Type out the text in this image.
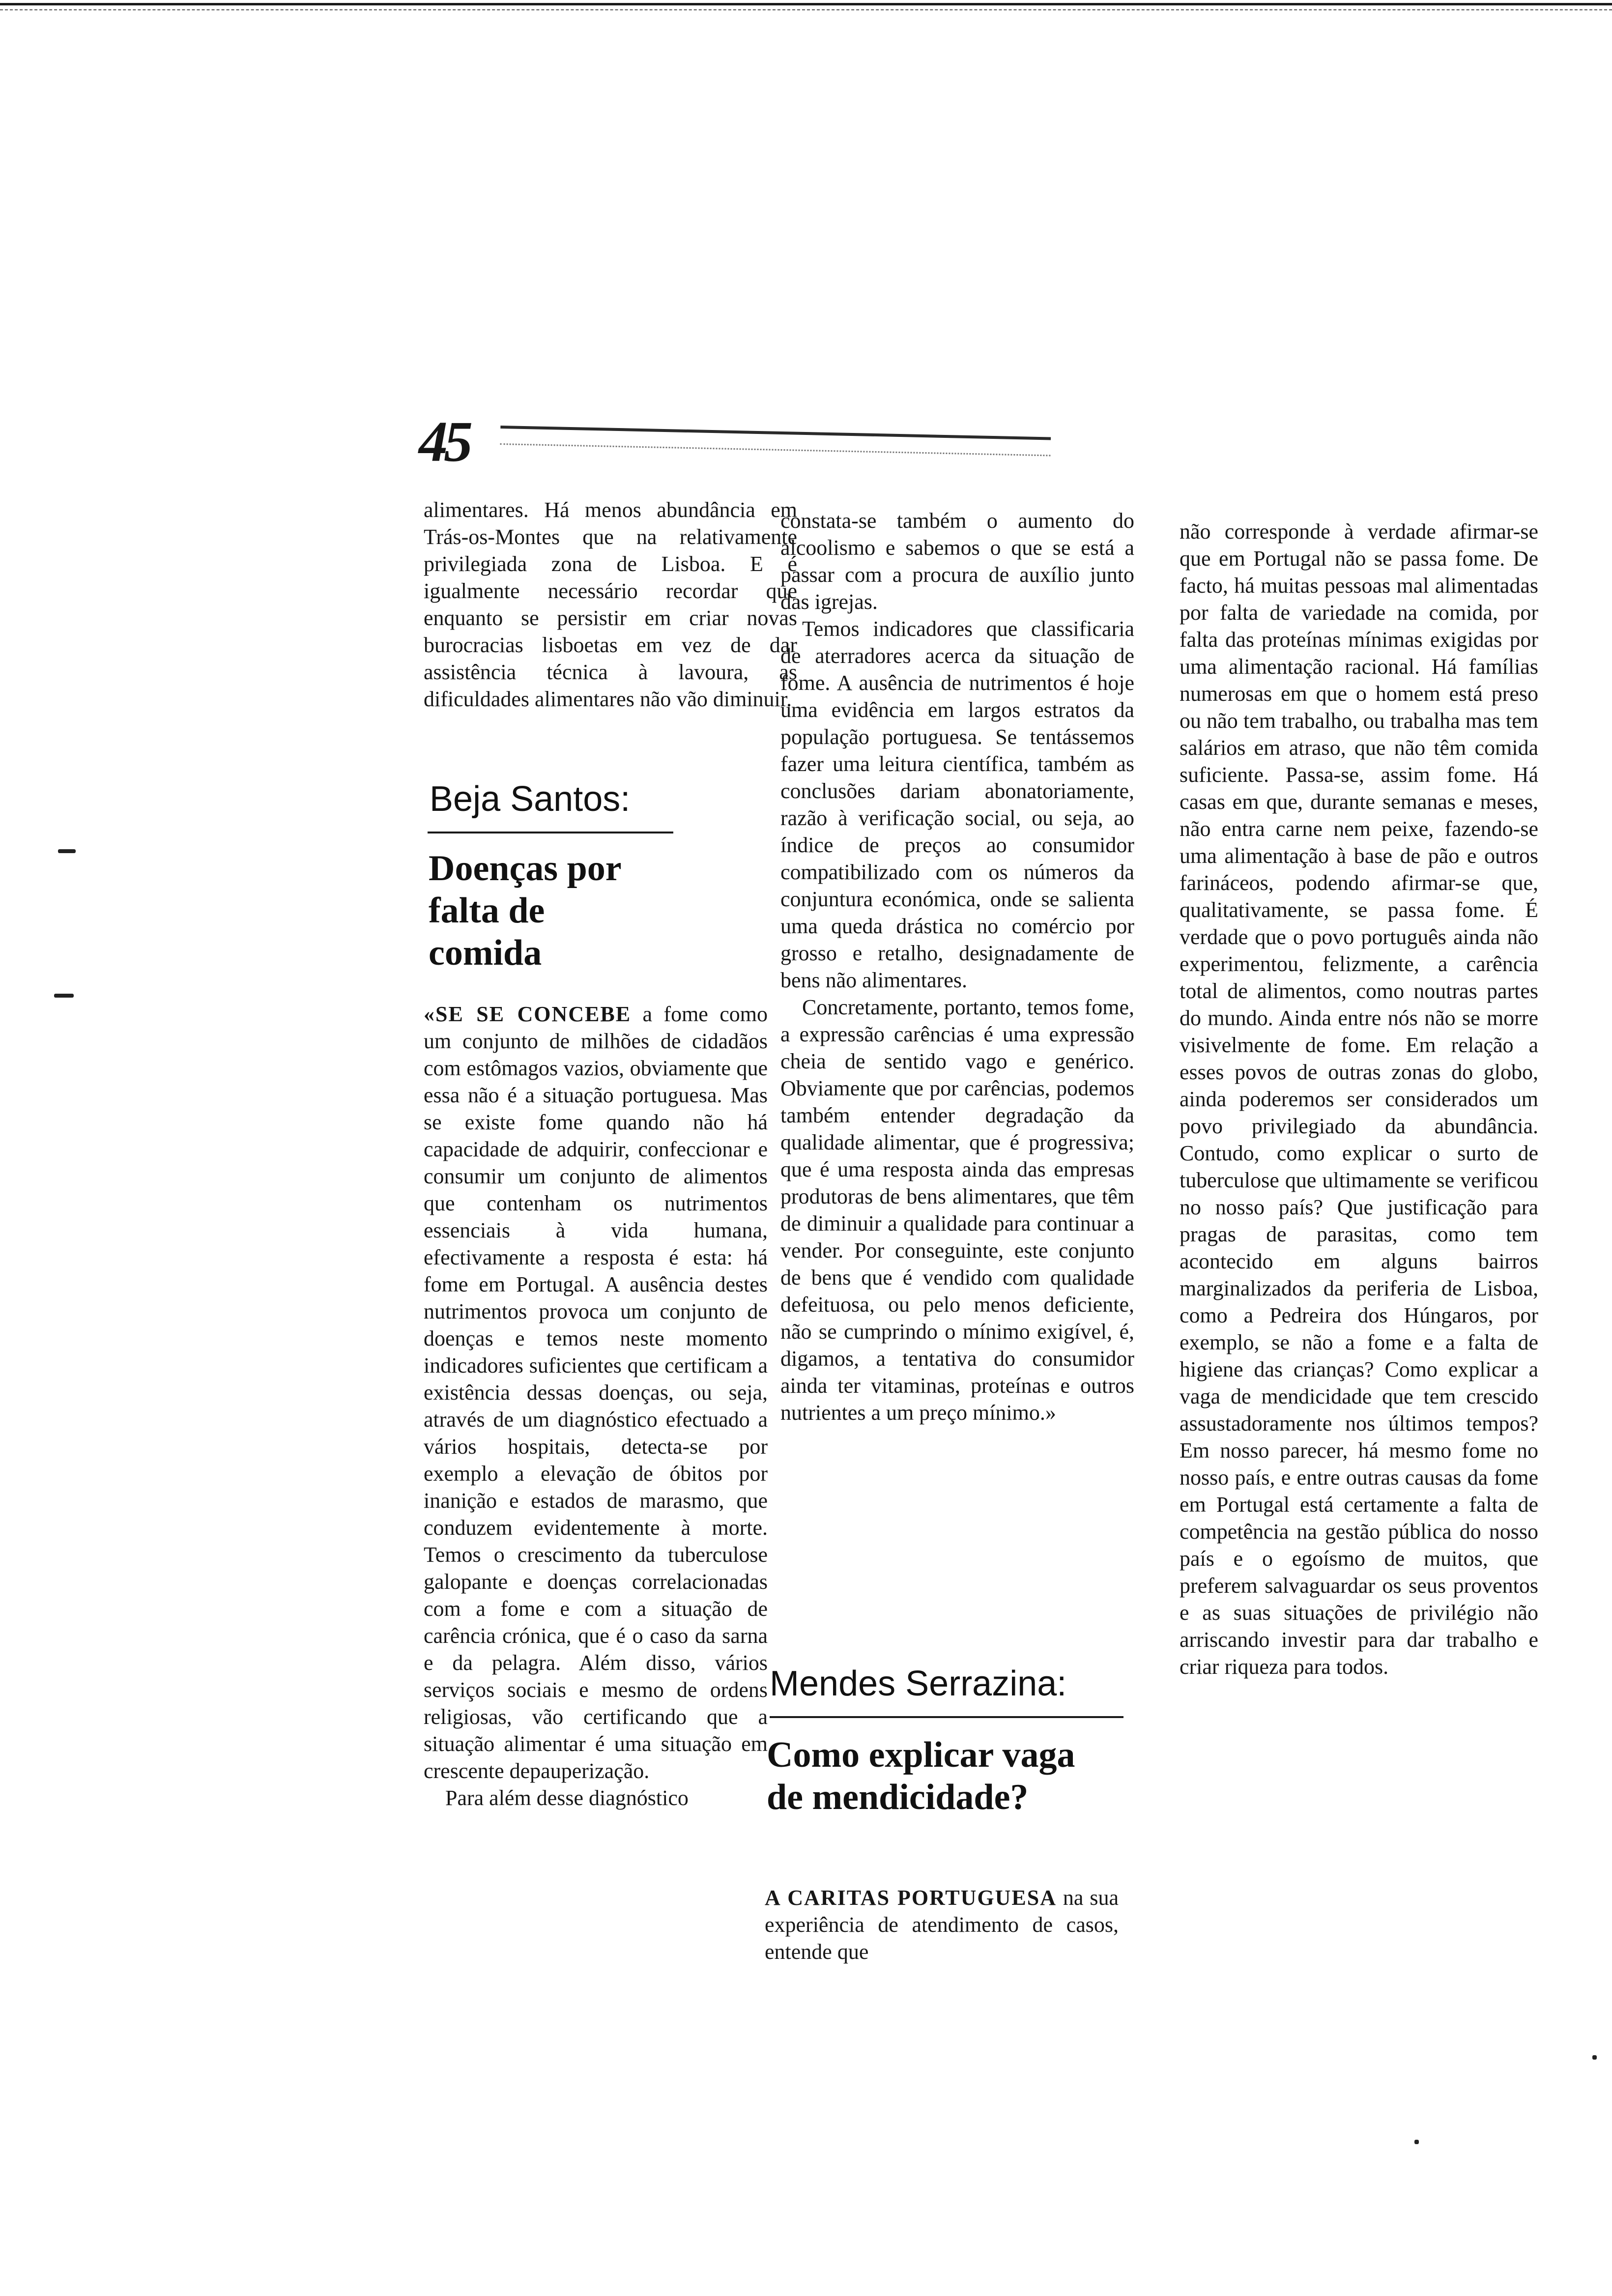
45

alimentares. Há menos abundância em Trás-os-Montes que na relativamente privilegiada zona de Lisboa. E é igualmente necessário recordar que enquanto se persistir em criar novas burocracias lisboetas em vez de dar assistência técnica à lavoura, as dificuldades alimentares não vão diminuir.

Beja Santos:
Doenças por falta de comida

«SE SE CONCEBE a fome como um conjunto de milhões de cidadãos com estômagos vazios, obviamente que essa não é a situação portuguesa. Mas se existe fome quando não há capacidade de adquirir, confeccionar e consumir um conjunto de alimentos que contenham os nutrimentos essenciais à vida humana, efectivamente a resposta é esta: há fome em Portugal. A ausência destes nutrimentos provoca um conjunto de doenças e temos neste momento indicadores suficientes que certificam a existência dessas doenças, ou seja, através de um diagnóstico efectuado a vários hospitais, detecta-se por exemplo a elevação de óbitos por inanição e estados de marasmo, que conduzem evidentemente à morte. Temos o crescimento da tuberculose galopante e doenças correlacionadas com a fome e com a situação de carência crónica, que é o caso da sarna e da pelagra. Além disso, vários serviços sociais e mesmo de ordens religiosas, vão certificando que a situação alimentar é uma situação em crescente depauperização.

Para além desse diagnóstico

constata-se também o aumento do alcoolismo e sabemos o que se está a passar com a procura de auxílio junto das igrejas.

Temos indicadores que classificaria de aterradores acerca da situação de fome. A ausência de nutrimentos é hoje uma evidência em largos estratos da população portuguesa. Se tentássemos fazer uma leitura científica, também as conclusões dariam abonatoriamente, razão à verificação social, ou seja, ao índice de preços ao consumidor compatibilizado com os números da conjuntura económica, onde se salienta uma queda drástica no comércio por grosso e retalho, designadamente de bens não alimentares.

Concretamente, portanto, temos fome, a expressão carências é uma expressão cheia de sentido vago e genérico. Obviamente que por carências, podemos também entender degradação da qualidade alimentar, que é progressiva; que é uma resposta ainda das empresas produtoras de bens alimentares, que têm de diminuir a qualidade para continuar a vender. Por conseguinte, este conjunto de bens que é vendido com qualidade defeituosa, ou pelo menos deficiente, não se cumprindo o mínimo exigível, é, digamos, a tentativa do consumidor ainda ter vitaminas, proteínas e outros nutrientes a um preço mínimo.»

Mendes Serrazina:
Como explicar vaga de mendicidade?

A CARITAS PORTUGUESA na sua experiência de atendimento de casos, entende que

não corresponde à verdade afirmar-se que em Portugal não se passa fome. De facto, há muitas pessoas mal alimentadas por falta de variedade na comida, por falta das proteínas mínimas exigidas por uma alimentação racional. Há famílias numerosas em que o homem está preso ou não tem trabalho, ou trabalha mas tem salários em atraso, que não têm comida suficiente. Passa-se, assim fome. Há casas em que, durante semanas e meses, não entra carne nem peixe, fazendo-se uma alimentação à base de pão e outros farináceos, podendo afirmar-se que, qualitativamente, se passa fome. É verdade que o povo português ainda não experimentou, felizmente, a carência total de alimentos, como noutras partes do mundo. Ainda entre nós não se morre visivelmente de fome. Em relação a esses povos de outras zonas do globo, ainda poderemos ser considerados um povo privilegiado da abundância. Contudo, como explicar o surto de tuberculose que ultimamente se verificou no nosso país? Que justificação para pragas de parasitas, como tem acontecido em alguns bairros marginalizados da periferia de Lisboa, como a Pedreira dos Húngaros, por exemplo, se não a fome e a falta de higiene das crianças? Como explicar a vaga de mendicidade que tem crescido assustadoramente nos últimos tempos? Em nosso parecer, há mesmo fome no nosso país, e entre outras causas da fome em Portugal está certamente a falta de competência na gestão pública do nosso país e o egoísmo de muitos, que preferem salvaguardar os seus proventos e as suas situações de privilégio não arriscando investir para dar trabalho e criar riqueza para todos.
